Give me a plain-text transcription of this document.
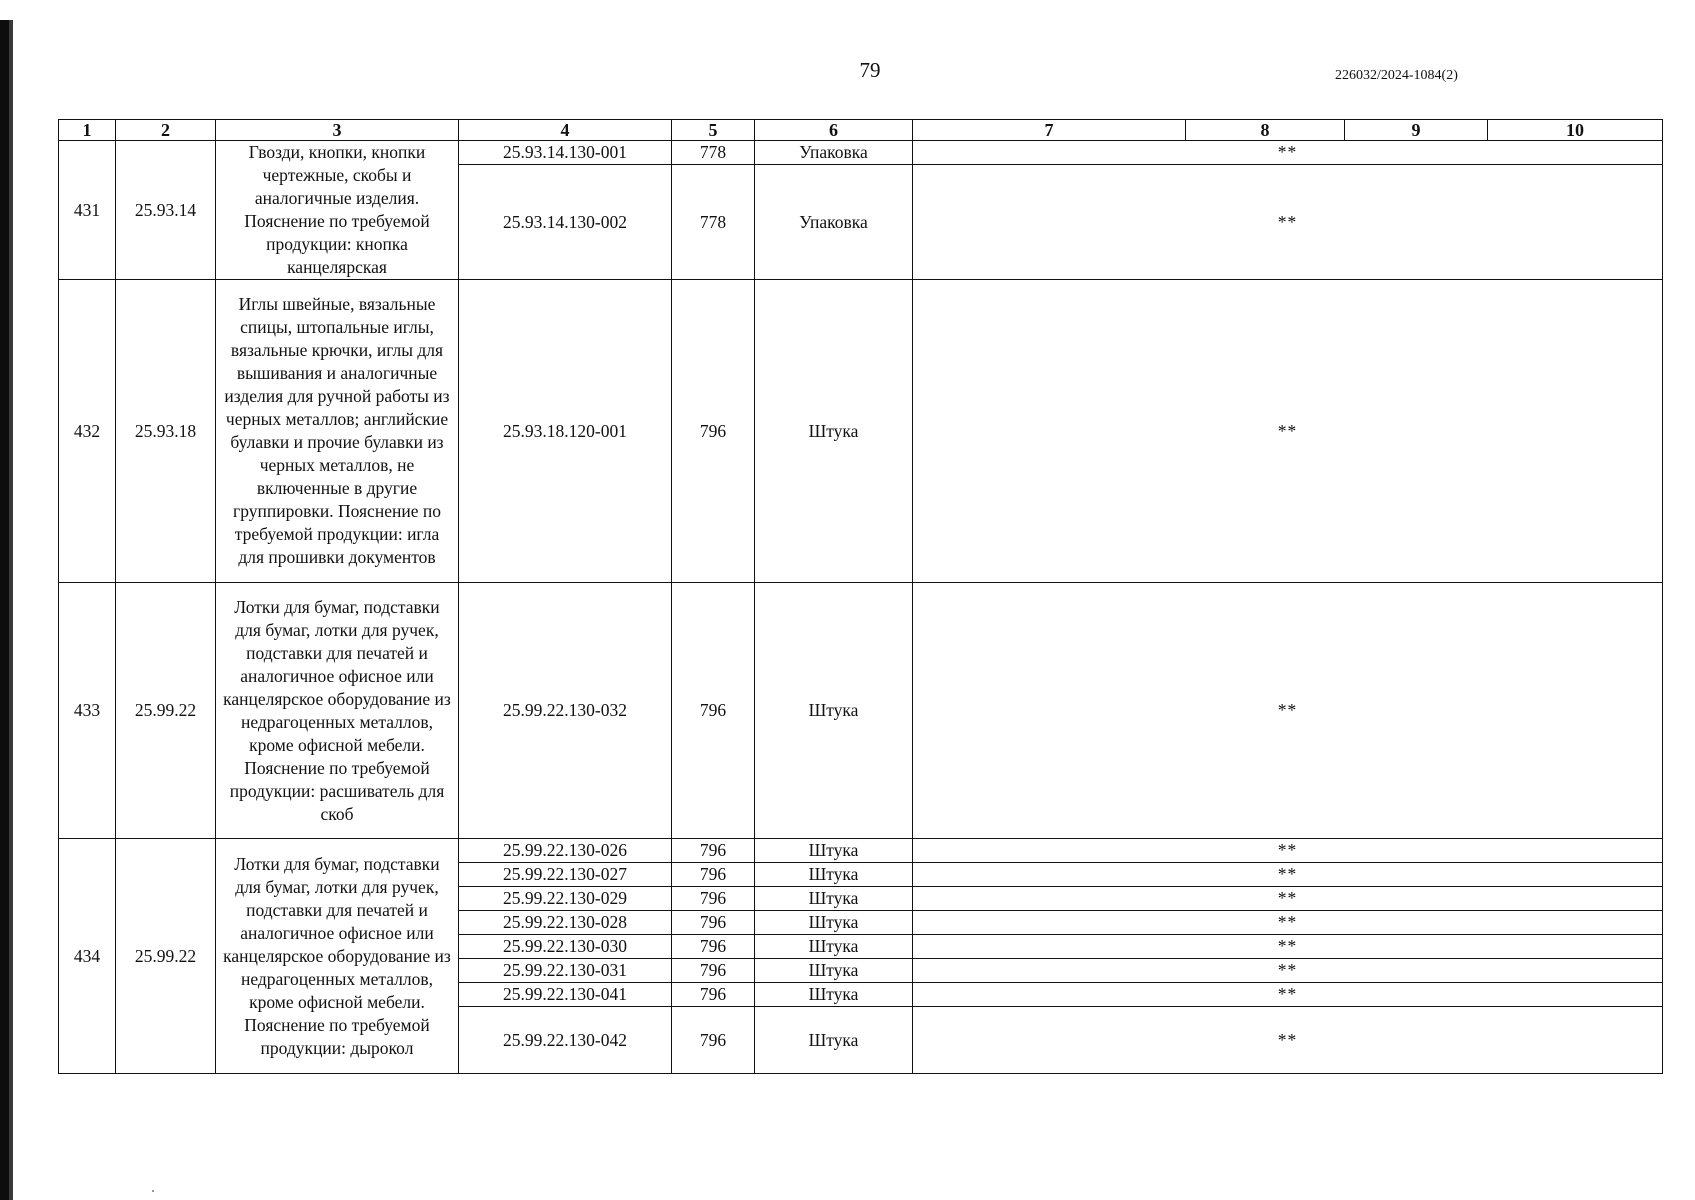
79	226032/2024-1084(2)
1	2	3	4	5	6	7	8	9	10
431	25.93.14	Гвозди, кнопки, кнопки чертежные, скобы и аналогичные изделия. Пояснение по требуемой продукции: кнопка канцелярская	25.93.14.130-001	778	Упаковка	**			
			25.93.14.130-002	778	Упаковка	**			
432	25.93.18	Иглы швейные, вязальные спицы, штопальные иглы, вязальные крючки, иглы для вышивания и аналогичные изделия для ручной работы из черных металлов; английские булавки и прочие булавки из черных металлов, не включенные в другие группировки. Пояснение по требуемой продукции: игла для прошивки документов	25.93.18.120-001	796	Штука	**			
433	25.99.22	Лотки для бумаг, подставки для бумаг, лотки для ручек, подставки для печатей и аналогичное офисное или канцелярское оборудование из недрагоценных металлов, кроме офисной мебели. Пояснение по требуемой продукции: расшиватель для скоб	25.99.22.130-032	796	Штука	**			
434	25.99.22	Лотки для бумаг, подставки для бумаг, лотки для ручек, подставки для печатей и аналогичное офисное или канцелярское оборудование из недрагоценных металлов, кроме офисной мебели. Пояснение по требуемой продукции: дырокол	25.99.22.130-026	796	Штука	**			
			25.99.22.130-027	796	Штука	**			
			25.99.22.130-029	796	Штука	**			
			25.99.22.130-028	796	Штука	**			
			25.99.22.130-030	796	Штука	**			
			25.99.22.130-031	796	Штука	**			
			25.99.22.130-041	796	Штука	**			
			25.99.22.130-042	796	Штука	**			
